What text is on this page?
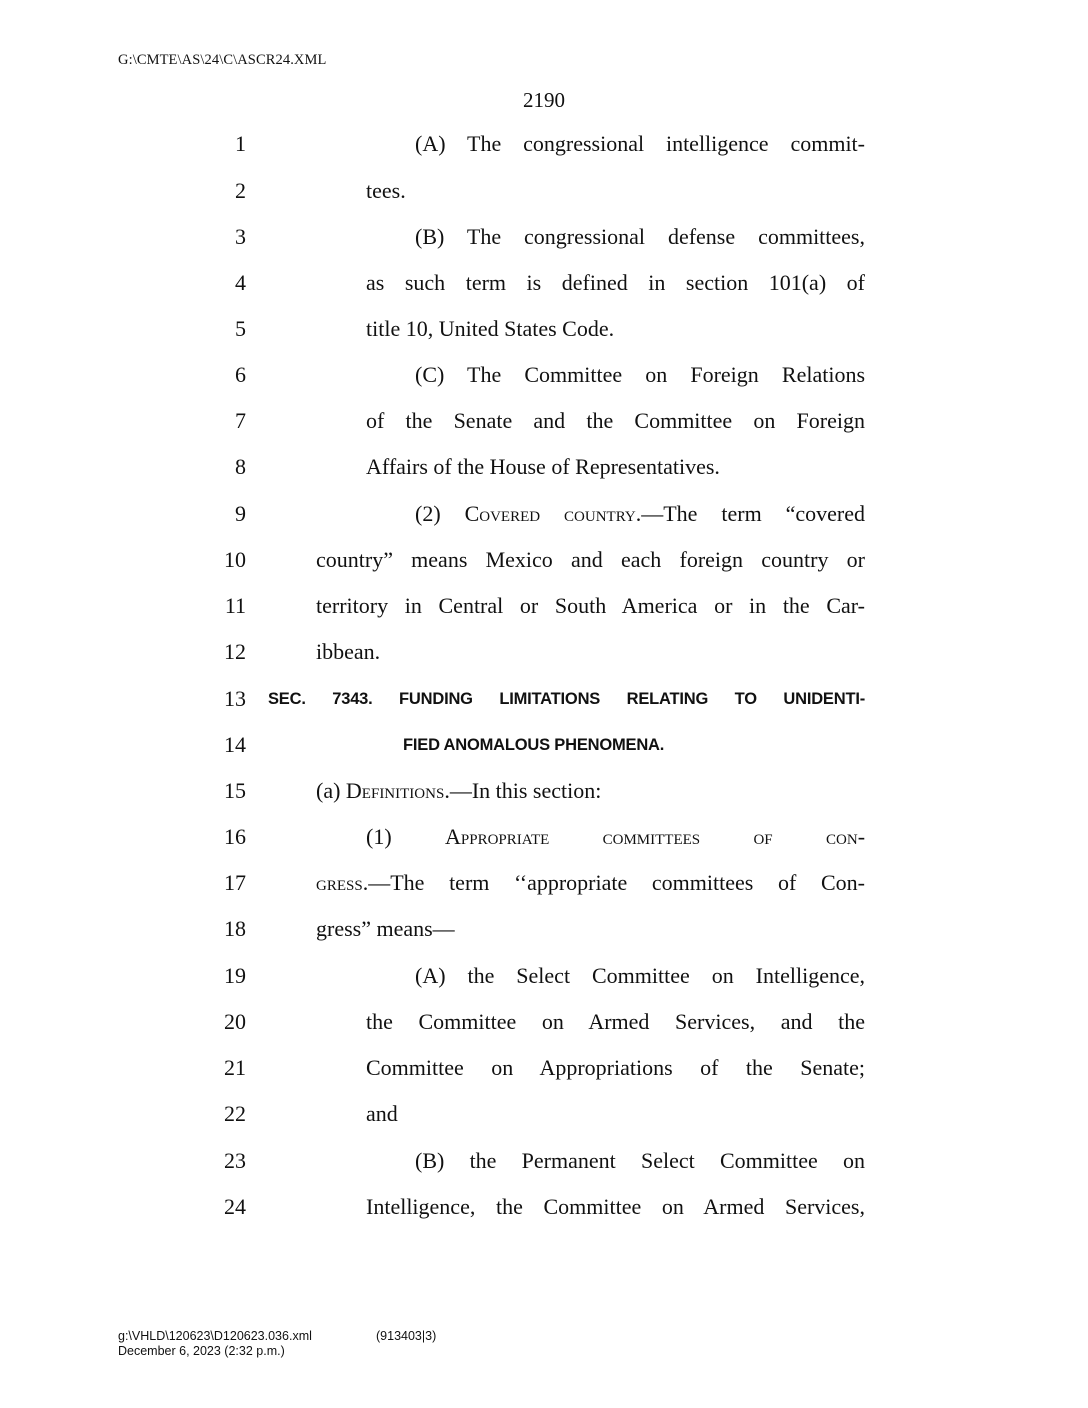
G:\CMTE\AS\24\C\ASCR24.XML
2190
1	(A) The congressional intelligence commit-
2	tees.
3	(B) The congressional defense committees,
4	as such term is defined in section 101(a) of
5	title 10, United States Code.
6	(C) The Committee on Foreign Relations
7	of the Senate and the Committee on Foreign
8	Affairs of the House of Representatives.
9	(2) Covered country.—The term “covered
10	country” means Mexico and each foreign country or
11	territory in Central or South America or in the Car-
12	ibbean.
13 SEC. 7343. FUNDING LIMITATIONS RELATING TO UNIDENTI-
14	FIED ANOMALOUS PHENOMENA.
15	(a) Definitions.—In this section:
16	(1) Appropriate committees of con-
17	gress.—The term ‘‘appropriate committees of Con-
18	gress” means—
19	(A) the Select Committee on Intelligence,
20	the Committee on Armed Services, and the
21	Committee on Appropriations of the Senate;
22	and
23	(B) the Permanent Select Committee on
24	Intelligence, the Committee on Armed Services,
g:\VHLD\120623\D120623.036.xml	(913403|3)
December 6, 2023 (2:32 p.m.)
